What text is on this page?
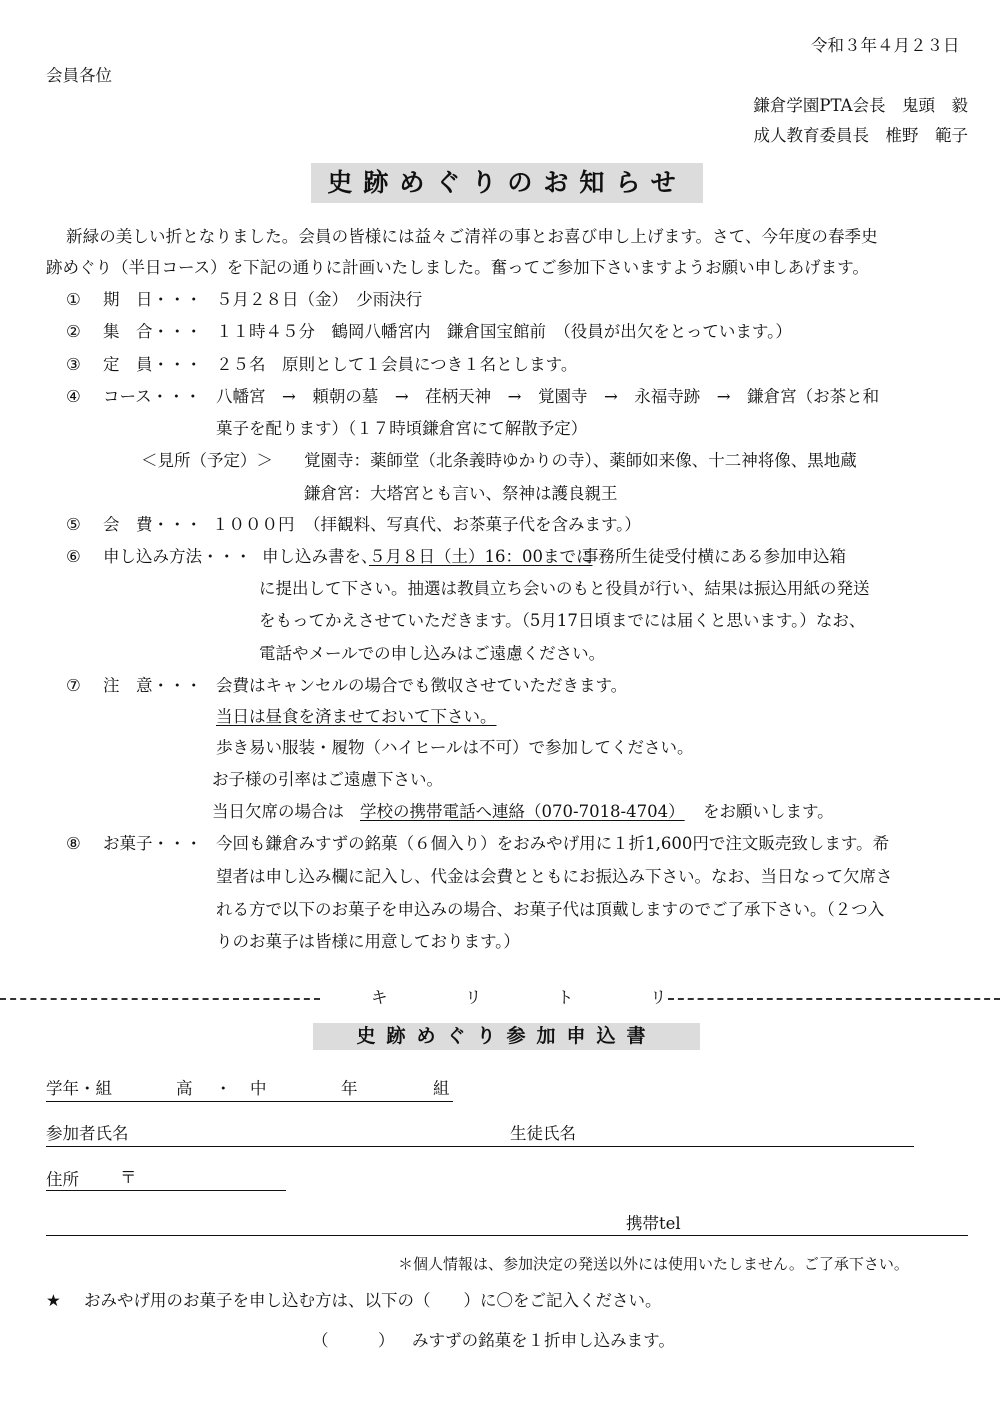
令和３年４月２３日
会員各位
鎌倉学園PTA会長　鬼頭　毅
成人教育委員長　椎野　範子
史跡めぐりのお知らせ
新緑の美しい折となりました。会員の皆様には益々ご清祥の事とお喜び申し上げます。さて、今年度の春季史
跡めぐり（半日コース）を下記の通りに計画いたしました。奮ってご参加下さいますようお願い申しあげます。
① 期　日・・・ ５月２８日（金）　少雨決行
② 集　合・・・ １１時４５分　鶴岡八幡宮内　鎌倉国宝館前　（役員が出欠をとっています。）
③ 定　員・・・ ２５名　原則として１会員につき１名とします。
④ コース・・・ 八幡宮　→　頼朝の墓　→　荏柄天神　→　覚園寺　→　永福寺跡　→　鎌倉宮（お茶と和
菓子を配ります）（１７時頃鎌倉宮にて解散予定）
＜見所（予定）＞ 覚園寺：薬師堂（北条義時ゆかりの寺）、薬師如来像、十二神将像、黒地蔵
鎌倉宮：大塔宮とも言い、祭神は護良親王
⑤ 会　費・・・ １０００円 （拝観料、写真代、お茶菓子代を含みます。）
⑥ 申し込み方法・・・ 申し込み書を、
５月８日（土）16：00までに
事務所生徒受付横にある参加申込箱
に提出して下さい。抽選は教員立ち会いのもと役員が行い、結果は振込用紙の発送
をもってかえさせていただきます。（5月17日頃までには届くと思います。）なお、
電話やメールでの申し込みはご遠慮ください。
⑦ 注　意・・・ 会費はキャンセルの場合でも徴収させていただきます。
当日は昼食を済ませておいて下さい。
歩き易い服装・履物（ハイヒールは不可）で参加してください。
お子様の引率はご遠慮下さい。
当日欠席の場合は 学校の携帯電話へ連絡（070-7018-4704） をお願いします。
⑧ お菓子・・・ 今回も鎌倉みすずの銘菓（６個入り）をおみやげ用に１折1,600円で注文販売致します。希
望者は申し込み欄に記入し、代金は会費とともにお振込み下さい。なお、当日なって欠席さ
れる方で以下のお菓子を申込みの場合、お菓子代は頂戴しますのでご了承下さい。（２つ入
りのお菓子は皆様に用意しております。）
キ	リ	ト	リ
史跡めぐり参加申込書
学年・組	高 ・ 中	年	組
参加者氏名	生徒氏名
住所 〒
携帯tel
＊個人情報は、参加決定の発送以外には使用いたしません。ご了承下さい。
★ おみやげ用のお菓子を申し込む方は、以下の（　　）に〇をご記入ください。
（　　　） みすずの銘菓を１折申し込みます。
